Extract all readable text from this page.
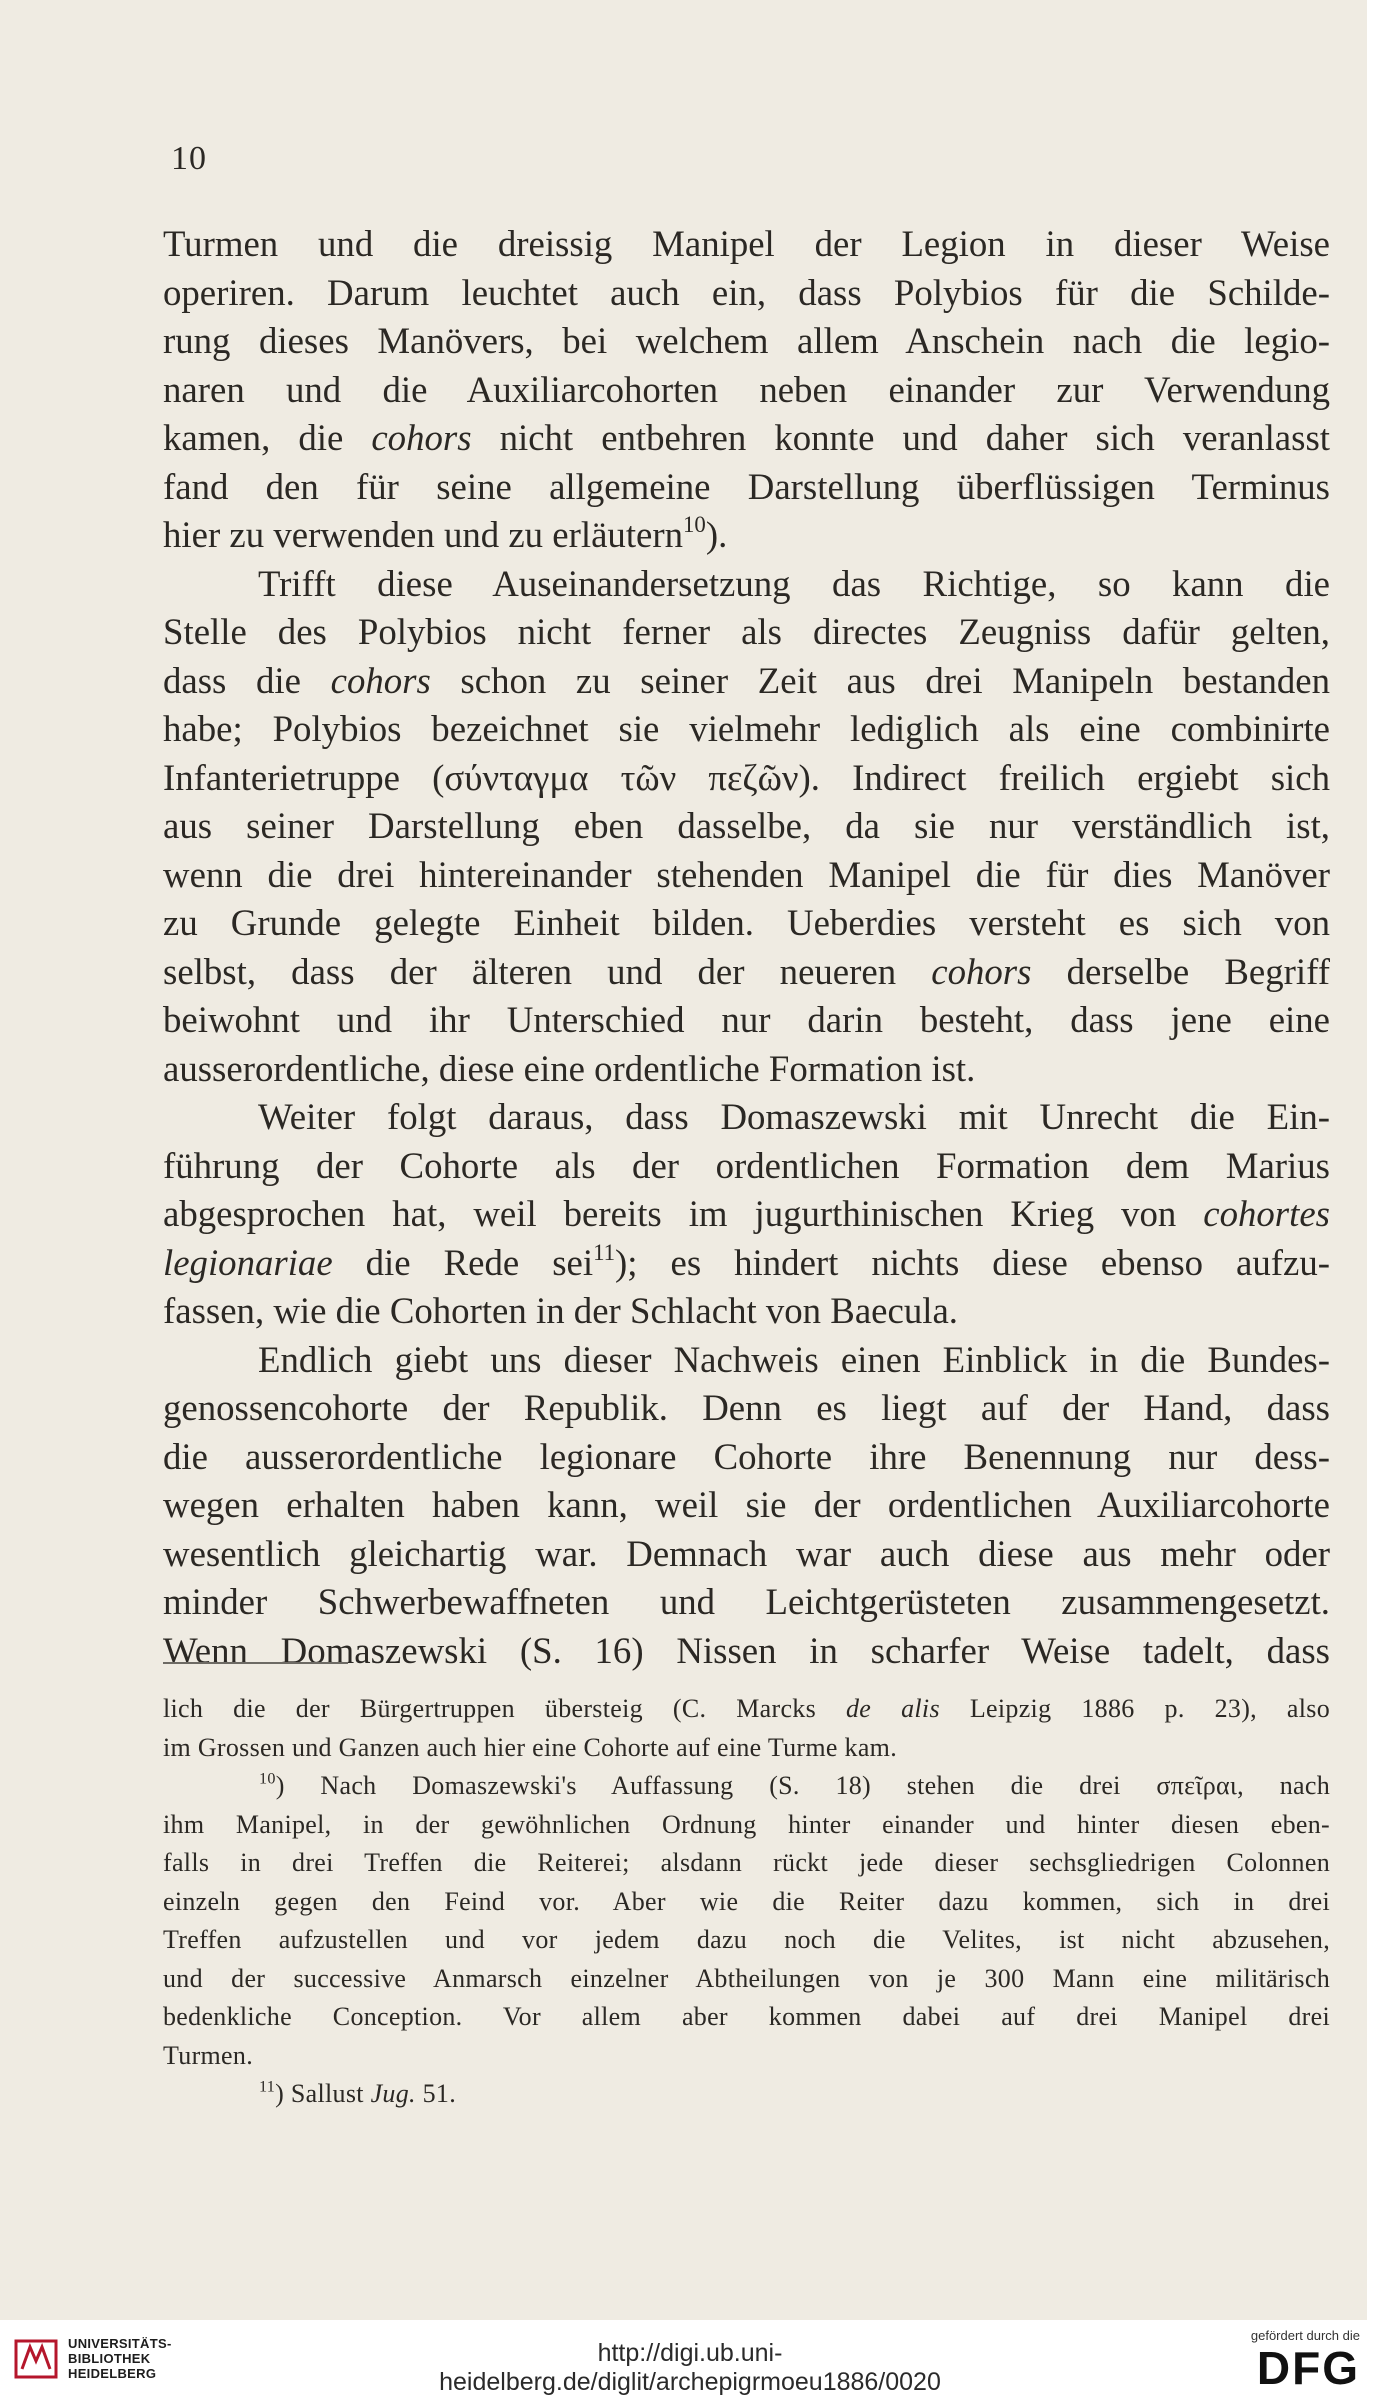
10
Turmen und die dreissig Manipel der Legion in dieser Weise
operiren. Darum leuchtet auch ein, dass Polybios für die Schilde-
rung dieses Manövers, bei welchem allem Anschein nach die legio-
naren und die Auxiliarcohorten neben einander zur Verwendung
kamen, die cohors nicht entbehren konnte und daher sich veranlasst
fand den für seine allgemeine Darstellung überflüssigen Terminus
hier zu verwenden und zu erläutern$^{10}$).
Trifft diese Auseinandersetzung das Richtige, so kann die
Stelle des Polybios nicht ferner als directes Zeugniss dafür gelten,
dass die cohors schon zu seiner Zeit aus drei Manipeln bestanden
habe; Polybios bezeichnet sie vielmehr lediglich als eine combinirte
Infanterietruppe (σύνταγμα τῶν πεζῶν). Indirect freilich ergiebt sich
aus seiner Darstellung eben dasselbe, da sie nur verständlich ist,
wenn die drei hintereinander stehenden Manipel die für dies Manöver
zu Grunde gelegte Einheit bilden. Ueberdies versteht es sich von
selbst, dass der älteren und der neueren cohors derselbe Begriff
beiwohnt und ihr Unterschied nur darin besteht, dass jene eine
ausserordentliche, diese eine ordentliche Formation ist.
Weiter folgt daraus, dass Domaszewski mit Unrecht die Ein-
führung der Cohorte als der ordentlichen Formation dem Marius
abgesprochen hat, weil bereits im jugurthinischen Krieg von cohortes
legionariae die Rede sei$^{11}$); es hindert nichts diese ebenso aufzu-
fassen, wie die Cohorten in der Schlacht von Baecula.
Endlich giebt uns dieser Nachweis einen Einblick in die Bundes-
genossencohorte der Republik. Denn es liegt auf der Hand, dass
die ausserordentliche legionare Cohorte ihre Benennung nur dess-
wegen erhalten haben kann, weil sie der ordentlichen Auxiliarcohorte
wesentlich gleichartig war. Demnach war auch diese aus mehr oder
minder Schwerbewaffneten und Leichtgerüsteten zusammengesetzt.
Wenn Domaszewski (S. 16) Nissen in scharfer Weise tadelt, dass
lich die der Bürgertruppen übersteig (C. Marcks de alis Leipzig 1886 p. 23), also
im Grossen und Ganzen auch hier eine Cohorte auf eine Turme kam.
$^{10}$) Nach Domaszewski's Auffassung (S. 18) stehen die drei σπεῖραι, nach
ihm Manipel, in der gewöhnlichen Ordnung hinter einander und hinter diesen eben-
falls in drei Treffen die Reiterei; alsdann rückt jede dieser sechsgliedrigen Colonnen
einzeln gegen den Feind vor. Aber wie die Reiter dazu kommen, sich in drei
Treffen aufzustellen und vor jedem dazu noch die Velites, ist nicht abzusehen,
und der successive Anmarsch einzelner Abtheilungen von je 300 Mann eine militärisch
bedenkliche Conception. Vor allem aber kommen dabei auf drei Manipel drei
Turmen.
$^{11}$) Sallust Jug. 51.
UNIVERSITÄTS-
BIBLIOTHEK
HEIDELBERG
http://digi.ub.uni-heidelberg.de/diglit/archepigrmoeu1886/0020
gefördert durch die
DFG
